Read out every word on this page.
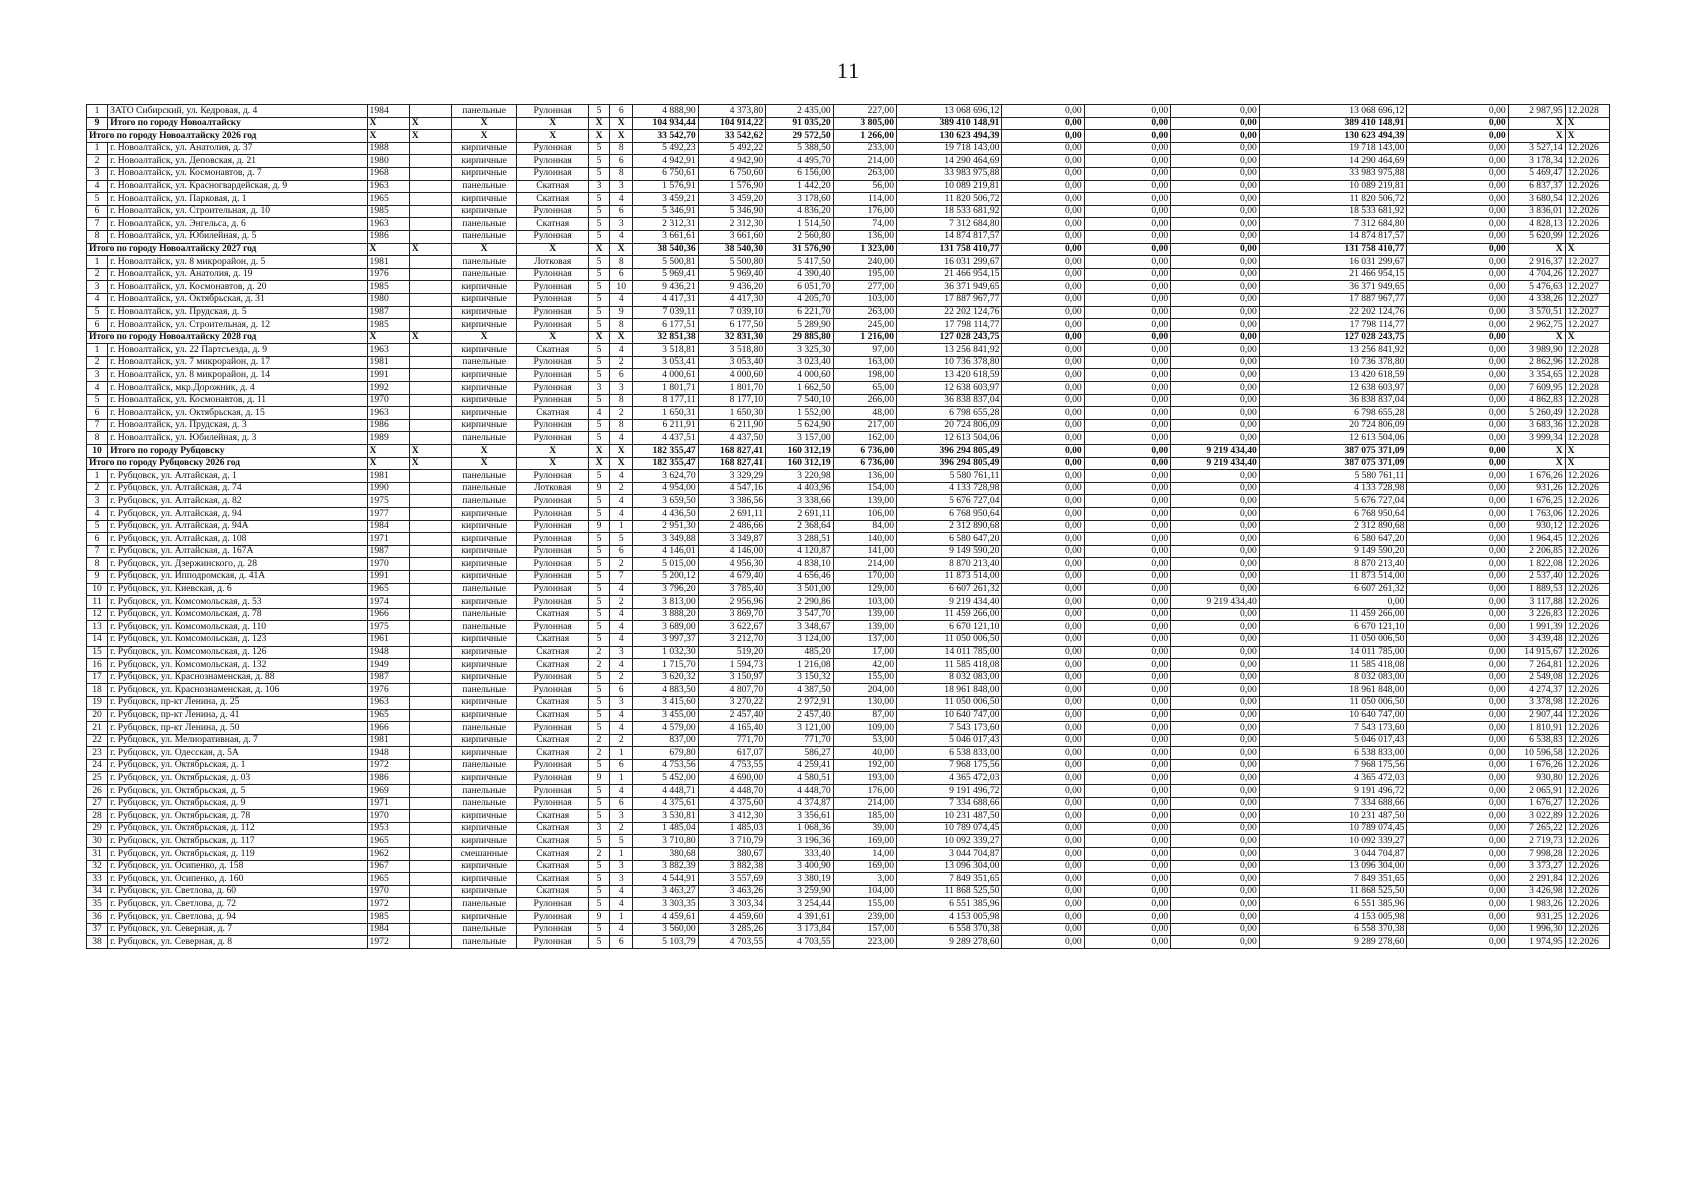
11
1	ЗАТО Сибирский, ул. Кедровая, д. 4	1984		панельные	Рулонная	5	6	4 888,90	4 373,80	2 435,00	227,00	13 068 696,12	0,00	0,00	0,00	13 068 696,12	0,00	2 987,95	12.2028
9	Итого по городу Новоалтайску	X	X	X	X	X	X	104 934,44	104 914,22	91 035,20	3 805,00	389 410 148,91	0,00	0,00	0,00	389 410 148,91	0,00	X	X
Итого по городу Новоалтайску 2026 год		X	X	X	X	X	X	33 542,70	33 542,62	29 572,50	1 266,00	130 623 494,39	0,00	0,00	0,00	130 623 494,39	0,00	X	X
1	г. Новоалтайск, ул. Анатолия, д. 37	1988		кирпичные	Рулонная	5	8	5 492,23	5 492,22	5 388,50	233,00	19 718 143,00	0,00	0,00	0,00	19 718 143,00	0,00	3 527,14	12.2026
2	г. Новоалтайск, ул. Деповская, д. 21	1980		кирпичные	Рулонная	5	6	4 942,91	4 942,90	4 495,70	214,00	14 290 464,69	0,00	0,00	0,00	14 290 464,69	0,00	3 178,34	12.2026
3	г. Новоалтайск, ул. Космонавтов, д. 7	1968		кирпичные	Рулонная	5	8	6 750,61	6 750,60	6 156,00	263,00	33 983 975,88	0,00	0,00	0,00	33 983 975,88	0,00	5 469,47	12.2026
4	г. Новоалтайск, ул. Красногвардейская, д. 9	1963		панельные	Скатная	3	3	1 576,91	1 576,90	1 442,20	56,00	10 089 219,81	0,00	0,00	0,00	10 089 219,81	0,00	6 837,37	12.2026
5	г. Новоалтайск, ул. Парковая, д. 1	1965		кирпичные	Скатная	5	4	3 459,21	3 459,20	3 178,60	114,00	11 820 506,72	0,00	0,00	0,00	11 820 506,72	0,00	3 680,54	12.2026
6	г. Новоалтайск, ул. Строительная, д. 10	1985		кирпичные	Рулонная	5	6	5 346,91	5 346,90	4 836,20	176,00	18 533 681,92	0,00	0,00	0,00	18 533 681,92	0,00	3 836,01	12.2026
7	г. Новоалтайск, ул. Энгельса, д. 6	1963		панельные	Скатная	5	3	2 312,31	2 312,30	1 514,50	74,00	7 312 684,80	0,00	0,00	0,00	7 312 684,80	0,00	4 828,13	12.2026
8	г. Новоалтайск, ул. Юбилейная, д. 5	1986		панельные	Рулонная	5	4	3 661,61	3 661,60	2 560,80	136,00	14 874 817,57	0,00	0,00	0,00	14 874 817,57	0,00	5 620,99	12.2026
Итого по городу Новоалтайску 2027 год		X	X	X	X	X	X	38 540,36	38 540,30	31 576,90	1 323,00	131 758 410,77	0,00	0,00	0,00	131 758 410,77	0,00	X	X
1	г. Новоалтайск, ул. 8 микрорайон, д. 5	1981		панельные	Лотковая	5	8	5 500,81	5 500,80	5 417,50	240,00	16 031 299,67	0,00	0,00	0,00	16 031 299,67	0,00	2 916,37	12.2027
2	г. Новоалтайск, ул. Анатолия, д. 19	1976		панельные	Рулонная	5	6	5 969,41	5 969,40	4 390,40	195,00	21 466 954,15	0,00	0,00	0,00	21 466 954,15	0,00	4 704,26	12.2027
3	г. Новоалтайск, ул. Космонавтов, д. 20	1985		кирпичные	Рулонная	5	10	9 436,21	9 436,20	6 051,70	277,00	36 371 949,65	0,00	0,00	0,00	36 371 949,65	0,00	5 476,63	12.2027
4	г. Новоалтайск, ул. Октябрьская, д. 31	1980		кирпичные	Рулонная	5	4	4 417,31	4 417,30	4 205,70	103,00	17 887 967,77	0,00	0,00	0,00	17 887 967,77	0,00	4 338,26	12.2027
5	г. Новоалтайск, ул. Прудская, д. 5	1987		кирпичные	Рулонная	5	9	7 039,11	7 039,10	6 221,70	263,00	22 202 124,76	0,00	0,00	0,00	22 202 124,76	0,00	3 570,51	12.2027
6	г. Новоалтайск, ул. Строительная, д. 12	1985		кирпичные	Рулонная	5	8	6 177,51	6 177,50	5 289,90	245,00	17 798 114,77	0,00	0,00	0,00	17 798 114,77	0,00	2 962,75	12.2027
Итого по городу Новоалтайску 2028 год		X	X	X	X	X	X	32 851,38	32 831,30	29 885,80	1 216,00	127 028 243,75	0,00	0,00	0,00	127 028 243,75	0,00	X	X
1	г. Новоалтайск, ул. 22 Партсъезда, д. 9	1963		кирпичные	Скатная	5	4	3 518,81	3 518,80	3 325,30	97,00	13 256 841,92	0,00	0,00	0,00	13 256 841,92	0,00	3 989,90	12.2028
2	г. Новоалтайск, ул. 7 микрорайон, д. 17	1981		панельные	Рулонная	5	2	3 053,41	3 053,40	3 023,40	163,00	10 736 378,80	0,00	0,00	0,00	10 736 378,80	0,00	2 862,96	12.2028
3	г. Новоалтайск, ул. 8 микрорайон, д. 14	1991		кирпичные	Рулонная	5	6	4 000,61	4 000,60	4 000,60	198,00	13 420 618,59	0,00	0,00	0,00	13 420 618,59	0,00	3 354,65	12.2028
4	г. Новоалтайск, мкр.Дорожник, д. 4	1992		кирпичные	Рулонная	3	3	1 801,71	1 801,70	1 662,50	65,00	12 638 603,97	0,00	0,00	0,00	12 638 603,97	0,00	7 609,95	12.2028
5	г. Новоалтайск, ул. Космонавтов, д. 11	1970		кирпичные	Рулонная	5	8	8 177,11	8 177,10	7 540,10	266,00	36 838 837,04	0,00	0,00	0,00	36 838 837,04	0,00	4 862,83	12.2028
6	г. Новоалтайск, ул. Октябрьская, д. 15	1963		кирпичные	Скатная	4	2	1 650,31	1 650,30	1 552,00	48,00	6 798 655,28	0,00	0,00	0,00	6 798 655,28	0,00	5 260,49	12.2028
7	г. Новоалтайск, ул. Прудская, д. 3	1986		кирпичные	Рулонная	5	8	6 211,91	6 211,90	5 624,90	217,00	20 724 806,09	0,00	0,00	0,00	20 724 806,09	0,00	3 683,36	12.2028
8	г. Новоалтайск, ул. Юбилейная, д. 3	1989		панельные	Рулонная	5	4	4 437,51	4 437,50	3 157,00	162,00	12 613 504,06	0,00	0,00	0,00	12 613 504,06	0,00	3 999,34	12.2028
10	Итого по городу Рубцовску	X	X	X	X	X	X	182 355,47	168 827,41	160 312,19	6 736,00	396 294 805,49	0,00	0,00	9 219 434,40	387 075 371,09	0,00	X	X
Итого по городу Рубцовску 2026 год		X	X	X	X	X	X	182 355,47	168 827,41	160 312,19	6 736,00	396 294 805,49	0,00	0,00	9 219 434,40	387 075 371,09	0,00	X	X
1	г. Рубцовск, ул. Алтайская, д. 1	1981		панельные	Рулонная	5	4	3 624,70	3 329,29	3 220,98	136,00	5 580 761,11	0,00	0,00	0,00	5 580 761,11	0,00	1 676,26	12.2026
2	г. Рубцовск, ул. Алтайская, д. 74	1990		панельные	Лотковая	9	2	4 954,00	4 547,16	4 403,96	154,00	4 133 728,98	0,00	0,00	0,00	4 133 728,98	0,00	931,26	12.2026
3	г. Рубцовск, ул. Алтайская, д. 82	1975		панельные	Рулонная	5	4	3 659,50	3 386,56	3 338,66	139,00	5 676 727,04	0,00	0,00	0,00	5 676 727,04	0,00	1 676,25	12.2026
4	г. Рубцовск, ул. Алтайская, д. 94	1977		кирпичные	Рулонная	5	4	4 436,50	2 691,11	2 691,11	106,00	6 768 950,64	0,00	0,00	0,00	6 768 950,64	0,00	1 763,06	12.2026
5	г. Рубцовск, ул. Алтайская, д. 94А	1984		кирпичные	Рулонная	9	1	2 951,30	2 486,66	2 368,64	84,00	2 312 890,68	0,00	0,00	0,00	2 312 890,68	0,00	930,12	12.2026
6	г. Рубцовск, ул. Алтайская, д. 108	1971		кирпичные	Рулонная	5	5	3 349,88	3 349,87	3 288,51	140,00	6 580 647,20	0,00	0,00	0,00	6 580 647,20	0,00	1 964,45	12.2026
7	г. Рубцовск, ул. Алтайская, д. 167А	1987		кирпичные	Рулонная	5	6	4 146,01	4 146,00	4 120,87	141,00	9 149 590,20	0,00	0,00	0,00	9 149 590,20	0,00	2 206,85	12.2026
8	г. Рубцовск, ул. Дзержинского, д. 28	1970		кирпичные	Рулонная	5	2	5 015,00	4 956,30	4 838,10	214,00	8 870 213,40	0,00	0,00	0,00	8 870 213,40	0,00	1 822,08	12.2026
9	г. Рубцовск, ул. Ипподромская, д. 41А	1991		кирпичные	Рулонная	5	7	5 200,12	4 679,40	4 656,46	170,00	11 873 514,00	0,00	0,00	0,00	11 873 514,00	0,00	2 537,40	12.2026
10	г. Рубцовск, ул. Киевская, д. 6	1965		панельные	Рулонная	5	4	3 796,20	3 785,40	3 501,00	129,00	6 607 261,32	0,00	0,00	0,00	6 607 261,32	0,00	1 889,53	12.2026
11	г. Рубцовск, ул. Комсомольская, д. 53	1974		кирпичные	Рулонная	5	2	3 813,00	2 956,96	2 290,86	103,00	9 219 434,40	0,00	0,00	9 219 434,40	0,00	0,00	3 117,88	12.2026
12	г. Рубцовск, ул. Комсомольская, д. 78	1966		панельные	Скатная	5	4	3 888,20	3 869,70	3 547,70	139,00	11 459 266,00	0,00	0,00	0,00	11 459 266,00	0,00	3 226,83	12.2026
13	г. Рубцовск, ул. Комсомольская, д. 110	1975		панельные	Рулонная	5	4	3 689,00	3 622,67	3 348,67	139,00	6 670 121,10	0,00	0,00	0,00	6 670 121,10	0,00	1 991,39	12.2026
14	г. Рубцовск, ул. Комсомольская, д. 123	1961		кирпичные	Скатная	5	4	3 997,37	3 212,70	3 124,00	137,00	11 050 006,50	0,00	0,00	0,00	11 050 006,50	0,00	3 439,48	12.2026
15	г. Рубцовск, ул. Комсомольская, д. 126	1948		кирпичные	Скатная	2	3	1 032,30	519,20	485,20	17,00	14 011 785,00	0,00	0,00	0,00	14 011 785,00	0,00	14 915,67	12.2026
16	г. Рубцовск, ул. Комсомольская, д. 132	1949		кирпичные	Скатная	2	4	1 715,70	1 594,73	1 216,08	42,00	11 585 418,08	0,00	0,00	0,00	11 585 418,08	0,00	7 264,81	12.2026
17	г. Рубцовск, ул. Краснознаменская, д. 88	1987		кирпичные	Рулонная	5	2	3 620,32	3 150,97	3 150,32	155,00	8 032 083,00	0,00	0,00	0,00	8 032 083,00	0,00	2 549,08	12.2026
18	г. Рубцовск, ул. Краснознаменская, д. 106	1976		панельные	Рулонная	5	6	4 883,50	4 807,70	4 387,50	204,00	18 961 848,00	0,00	0,00	0,00	18 961 848,00	0,00	4 274,37	12.2026
19	г. Рубцовск, пр-кт Ленина, д. 25	1963		кирпичные	Скатная	5	3	3 415,60	3 270,22	2 972,91	130,00	11 050 006,50	0,00	0,00	0,00	11 050 006,50	0,00	3 378,98	12.2026
20	г. Рубцовск, пр-кт Ленина, д. 41	1965		кирпичные	Скатная	5	4	3 455,00	2 457,40	2 457,40	87,00	10 640 747,00	0,00	0,00	0,00	10 640 747,00	0,00	2 907,44	12.2026
21	г. Рубцовск, пр-кт Ленина, д. 50	1966		панельные	Рулонная	5	4	4 579,00	4 165,40	3 121,00	109,00	7 543 173,60	0,00	0,00	0,00	7 543 173,60	0,00	1 810,91	12.2026
22	г. Рубцовск, ул. Мелиоративная, д. 7	1981		кирпичные	Скатная	2	2	837,00	771,70	771,70	53,00	5 046 017,43	0,00	0,00	0,00	5 046 017,43	0,00	6 538,83	12.2026
23	г. Рубцовск, ул. Одесская, д. 5А	1948		кирпичные	Скатная	2	1	679,80	617,07	586,27	40,00	6 538 833,00	0,00	0,00	0,00	6 538 833,00	0,00	10 596,58	12.2026
24	г. Рубцовск, ул. Октябрьская, д. 1	1972		панельные	Рулонная	5	6	4 753,56	4 753,55	4 259,41	192,00	7 968 175,56	0,00	0,00	0,00	7 968 175,56	0,00	1 676,26	12.2026
25	г. Рубцовск, ул. Октябрьская, д. 03	1986		кирпичные	Рулонная	9	1	5 452,00	4 690,00	4 580,51	193,00	4 365 472,03	0,00	0,00	0,00	4 365 472,03	0,00	930,80	12.2026
26	г. Рубцовск, ул. Октябрьская, д. 5	1969		панельные	Рулонная	5	4	4 448,71	4 448,70	4 448,70	176,00	9 191 496,72	0,00	0,00	0,00	9 191 496,72	0,00	2 065,91	12.2026
27	г. Рубцовск, ул. Октябрьская, д. 9	1971		панельные	Рулонная	5	6	4 375,61	4 375,60	4 374,87	214,00	7 334 688,66	0,00	0,00	0,00	7 334 688,66	0,00	1 676,27	12.2026
28	г. Рубцовск, ул. Октябрьская, д. 78	1970		кирпичные	Скатная	5	3	3 530,81	3 412,30	3 356,61	185,00	10 231 487,50	0,00	0,00	0,00	10 231 487,50	0,00	3 022,89	12.2026
29	г. Рубцовск, ул. Октябрьская, д. 112	1953		кирпичные	Скатная	3	2	1 485,04	1 485,03	1 068,36	39,00	10 789 074,45	0,00	0,00	0,00	10 789 074,45	0,00	7 265,22	12.2026
30	г. Рубцовск, ул. Октябрьская, д. 117	1965		кирпичные	Скатная	5	5	3 710,80	3 710,79	3 196,36	169,00	10 092 339,27	0,00	0,00	0,00	10 092 339,27	0,00	2 719,73	12.2026
31	г. Рубцовск, ул. Октябрьская, д. 119	1962		смешанные	Скатная	2	1	380,68	380,67	333,40	14,00	3 044 704,87	0,00	0,00	0,00	3 044 704,87	0,00	7 998,28	12.2026
32	г. Рубцовск, ул. Осипенко, д. 158	1967		кирпичные	Скатная	5	3	3 882,39	3 882,38	3 400,90	169,00	13 096 304,00	0,00	0,00	0,00	13 096 304,00	0,00	3 373,27	12.2026
33	г. Рубцовск, ул. Осипенко, д. 160	1965		кирпичные	Скатная	5	3	4 544,91	3 557,69	3 380,19	3,00	7 849 351,65	0,00	0,00	0,00	7 849 351,65	0,00	2 291,84	12.2026
34	г. Рубцовск, ул. Светлова, д. 60	1970		кирпичные	Скатная	5	4	3 463,27	3 463,26	3 259,90	104,00	11 868 525,50	0,00	0,00	0,00	11 868 525,50	0,00	3 426,98	12.2026
35	г. Рубцовск, ул. Светлова, д. 72	1972		панельные	Рулонная	5	4	3 303,35	3 303,34	3 254,44	155,00	6 551 385,96	0,00	0,00	0,00	6 551 385,96	0,00	1 983,26	12.2026
36	г. Рубцовск, ул. Светлова, д. 94	1985		кирпичные	Рулонная	9	1	4 459,61	4 459,60	4 391,61	239,00	4 153 005,98	0,00	0,00	0,00	4 153 005,98	0,00	931,25	12.2026
37	г. Рубцовск, ул. Северная, д. 7	1984		панельные	Рулонная	5	4	3 560,00	3 285,26	3 173,84	157,00	6 558 370,38	0,00	0,00	0,00	6 558 370,38	0,00	1 996,30	12.2026
38	г. Рубцовск, ул. Северная, д. 8	1972		панельные	Рулонная	5	6	5 103,79	4 703,55	4 703,55	223,00	9 289 278,60	0,00	0,00	0,00	9 289 278,60	0,00	1 974,95	12.2026
